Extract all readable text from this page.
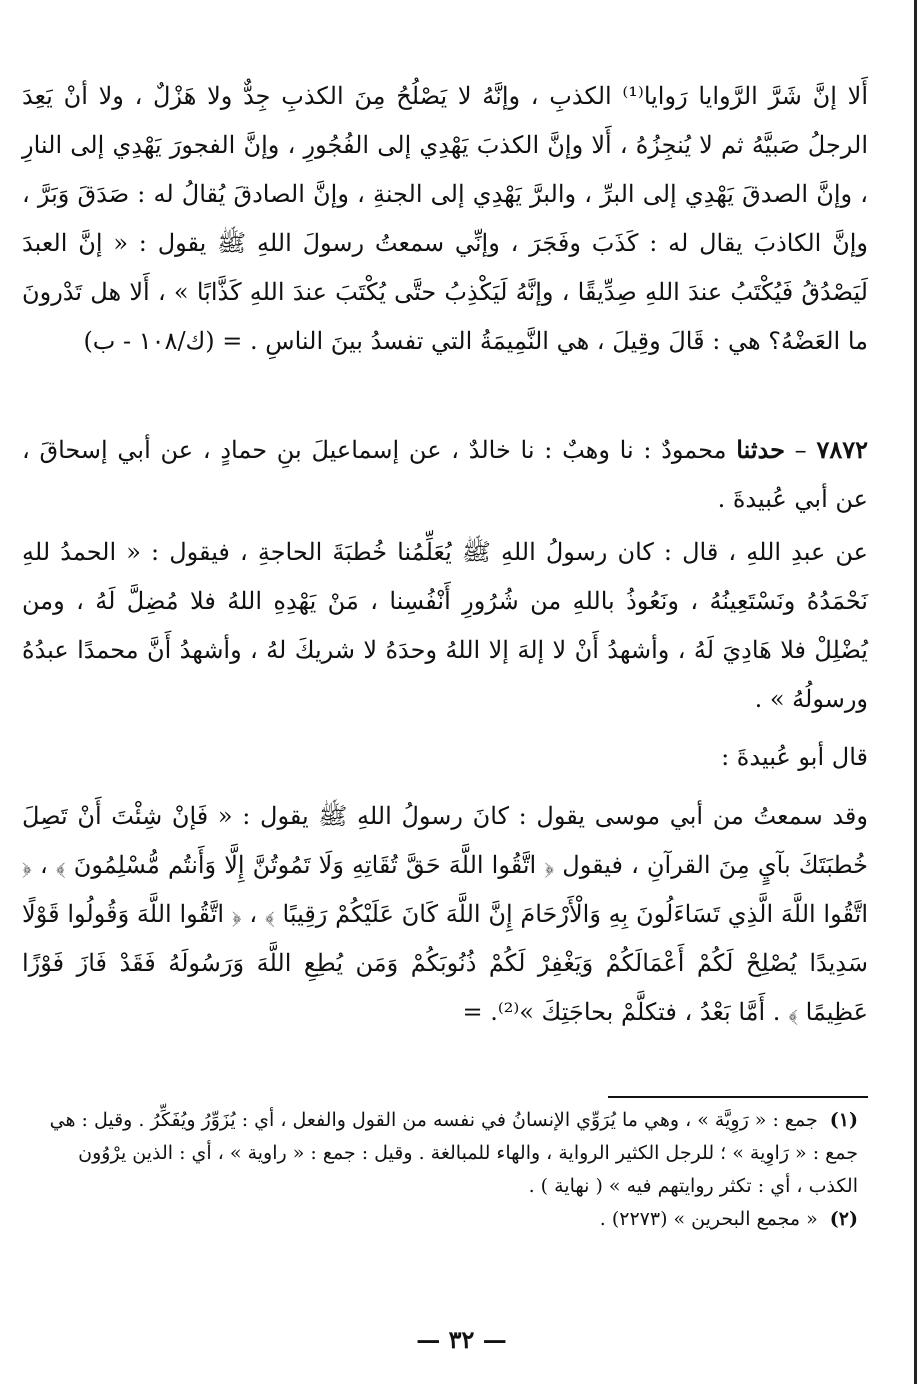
أَلا إنَّ شَرَّ الرَّوايا رَوايا⁽¹⁾ الكذبِ ، وإنَّهُ لا يَصْلُحُ مِنَ الكذبِ جِدٌّ ولا هَزْلٌ ، ولا أنْ يَعِدَ الرجلُ صَبيَّهُ ثم لا يُنجِزُهُ ، أَلا وإنَّ الكذبَ يَهْدِي إلى الفُجُورِ ، وإنَّ الفجورَ يَهْدِي إلى النارِ ، وإنَّ الصدقَ يَهْدِي إلى البرِّ ، والبرَّ يَهْدِي إلى الجنةِ ، وإنَّ الصادقَ يُقالُ له : صَدَقَ وَبَرَّ ، وإنَّ الكاذبَ يقال له : كَذَبَ وفَجَرَ ، وإنِّي سمعتُ رسولَ اللهِ ﷺ يقول : « إنَّ العبدَ لَيَصْدُقُ فَيُكْتَبُ عندَ اللهِ صِدِّيقًا ، وإنَّهُ لَيَكْذِبُ حتَّى يُكْتَبَ عندَ اللهِ كَذَّابًا » ، أَلا هل تَدْرونَ ما العَضْهُ؟ هي : قَالَ وقِيلَ ، هي النَّمِيمَةُ التي تفسدُ بينَ الناسِ . = (ك/١٠٨ - ب)

٧٨٧٢ – حدثنا محمودٌ : نا وهبٌ : نا خالدٌ ، عن إسماعيلَ بنِ حمادٍ ، عن أبي إسحاقَ ، عن أبي عُبيدةَ .

عن عبدِ اللهِ ، قال : كان رسولُ اللهِ ﷺ يُعَلِّمُنا خُطبَةَ الحاجةِ ، فيقول : « الحمدُ للهِ نَحْمَدُهُ ونَسْتَعِينُهُ ، ونَعُوذُ باللهِ من شُرُورِ أَنْفُسِنا ، مَنْ يَهْدِهِ اللهُ فلا مُضِلَّ لَهُ ، ومن يُضْلِلْ فلا هَادِيَ لَهُ ، وأشهدُ أَنْ لا إلهَ إلا اللهُ وحدَهُ لا شريكَ لهُ ، وأشهدُ أَنَّ محمدًا عبدُهُ ورسولُهُ » .

قال أبو عُبيدةَ :

وقد سمعتُ من أبي موسى يقول : كانَ رسولُ اللهِ ﷺ يقول : « فَإنْ شِئْتَ أَنْ تَصِلَ خُطبَتَكَ بآيٍ مِنَ القرآنِ ، فيقول ﴿ اتَّقُوا اللَّهَ حَقَّ تُقَاتِهِ وَلَا تَمُوتُنَّ إِلَّا وَأَنتُم مُّسْلِمُونَ ﴾ ، ﴿ اتَّقُوا اللَّهَ الَّذِي تَسَاءَلُونَ بِهِ وَالْأَرْحَامَ إِنَّ اللَّهَ كَانَ عَلَيْكُمْ رَقِيبًا ﴾ ، ﴿ اتَّقُوا اللَّهَ وَقُولُوا قَوْلًا سَدِيدًا يُصْلِحْ لَكُمْ أَعْمَالَكُمْ وَيَغْفِرْ لَكُمْ ذُنُوبَكُمْ وَمَن يُطِعِ اللَّهَ وَرَسُولَهُ فَقَدْ فَازَ فَوْزًا عَظِيمًا ﴾ . أَمَّا بَعْدُ ، فتكلَّمْ بحاجَتِكَ »⁽²⁾. =

(١) جمع : « رَوِيَّة » ، وهي ما يُرَوِّي الإنسانُ في نفسه من القول والفعل ، أي : يُزَوِّرُ ويُفَكِّرُ . وقيل : هي جمع : « رَاوِية » ؛ للرجل الكثير الرواية ، والهاء للمبالغة . وقيل : جمع : « راوية » ، أي : الذين يرْوُون الكذب ، أي : تكثر روايتهم فيه » ( نهاية ) .

(٢) « مجمع البحرين » (٢٢٧٣) .

— ٣٢ —
